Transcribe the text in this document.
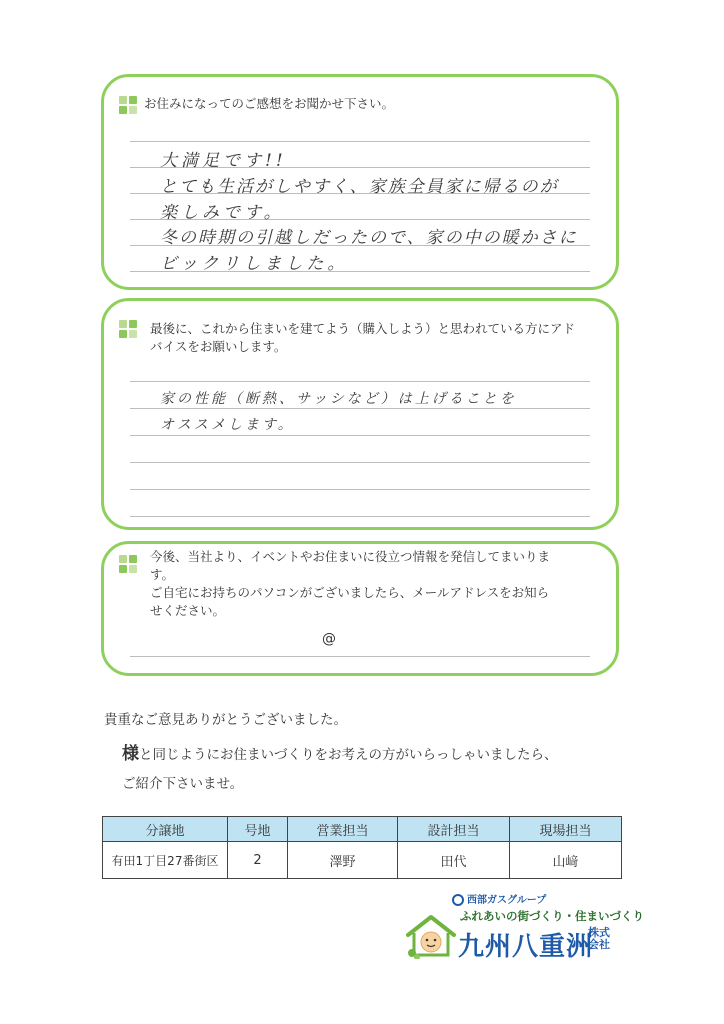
お住みになってのご感想をお聞かせ下さい。

大満足です!!
とても生活がしやすく、家族全員家に帰るのが
楽しみです。
冬の時期の引越しだったので、家の中の暖かさに
ビックリしました。

最後に、これから住まいを建てよう（購入しよう）と思われている方にアド

バイスをお願いします。

家の性能（断熱、サッシなど）は上げることを
オススメします。

今後、当社より、イベントやお住まいに役立つ情報を発信してまいりま

す。

ご自宅にお持ちのパソコンがございましたら、メールアドレスをお知ら

せください。

@
貴重なご意見ありがとうございました。
様と同じようにお住まいづくりをお考えの方がいらっしゃいましたら、
ご紹介下さいませ。
分譲地	号地	営業担当	設計担当	現場担当
有田1丁目27番街区	2	澤野	田代	山﨑
西部ガスグループ
ふれあいの街づくり・住まいづくり
九州八重洲
株式会社
